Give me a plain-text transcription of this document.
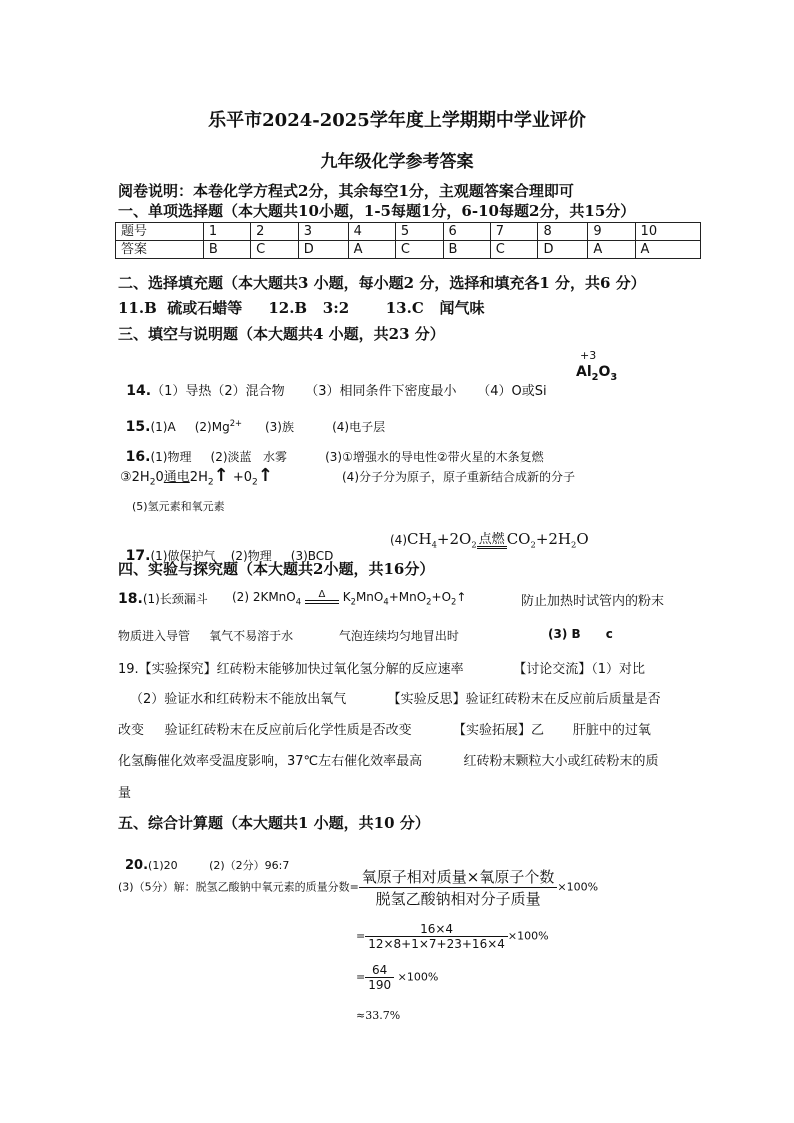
乐平市2024-2025学年度上学期期中学业评价
九年级化学参考答案
阅卷说明：本卷化学方程式2分，其余每空1分，主观题答案合理即可
一、单项选择题（本大题共10小题，1-5每题1分，6-10每题2分，共15分）
题号	1	2	3	4	5	6	7	8	9	10
答案	B	C	D	A	C	B	C	D	A	A
二、选择填充题（本大题共3 小题，每小题2 分，选择和填充各1 分，共6 分）
11.B  硫或石蜡等     12.B   3:2       13.C   闻气味
三、填空与说明题（本大题共4 小题，共23 分）

14.（1）导热（2）混合物     （3）相同条件下密度最小     （4）O或Si

+3
$Al_2O_3$

15.(1)A     $(2)Mg^{2+}$      (3)族          (4)电子层

16.(1)物理     (2)淡蓝   水雾          (3)①增强水的导电性②带火星的木条复燃

$③2H_20$通电$2H_2↑$ $+0_2↑$	(4)分子分为原子，原子重新结合成新的分子
(5)氢元素和氧元素

17.(1)做保护气    (2)物理     (3)BCD

$(4)CH_4+2O_2$ 点燃 $CO_2+2H_2O$
四、实验与探究题（本大题共2小题，共16分）
18.(1)长颈漏斗 (2) 2KMnO$_4$
Δ	$K_2MnO_4+MnO_2+O_2↑$	防止加热时试管内的粉末
物质进入导管     氧气不易溶于水            气泡连续均匀地冒出时	(3) B      c
19.【实验探究】红砖粉末能够加快过氧化氢分解的反应速率            【讨论交流】（1）对比
（2）验证水和红砖粉末不能放出氧气          【实验反思】验证红砖粉末在反应前后质量是否
改变     验证红砖粉末在反应前后化学性质是否改变          【实验拓展】乙       肝脏中的过氧
化氢酶催化效率受温度影响，37℃左右催化效率最高          红砖粉末颗粒大小或红砖粉末的质
量
五、综合计算题（本大题共1 小题，共10 分）

20.(1)20         (2)（2分）96:7

(3)（5分）解：脱氢乙酸钠中氧元素的质量分数= $\frac{\text{氧原子相对质量×氧原子个数}}{\text{脱氢乙酸钠相对分子质量}} \times 100\%$
= $\frac{16\times 4}{12\times 8+1\times 7+23+16\times 4} \times 100\%$
= $\frac{64}{190} \times 100\%$
≈33.7%
